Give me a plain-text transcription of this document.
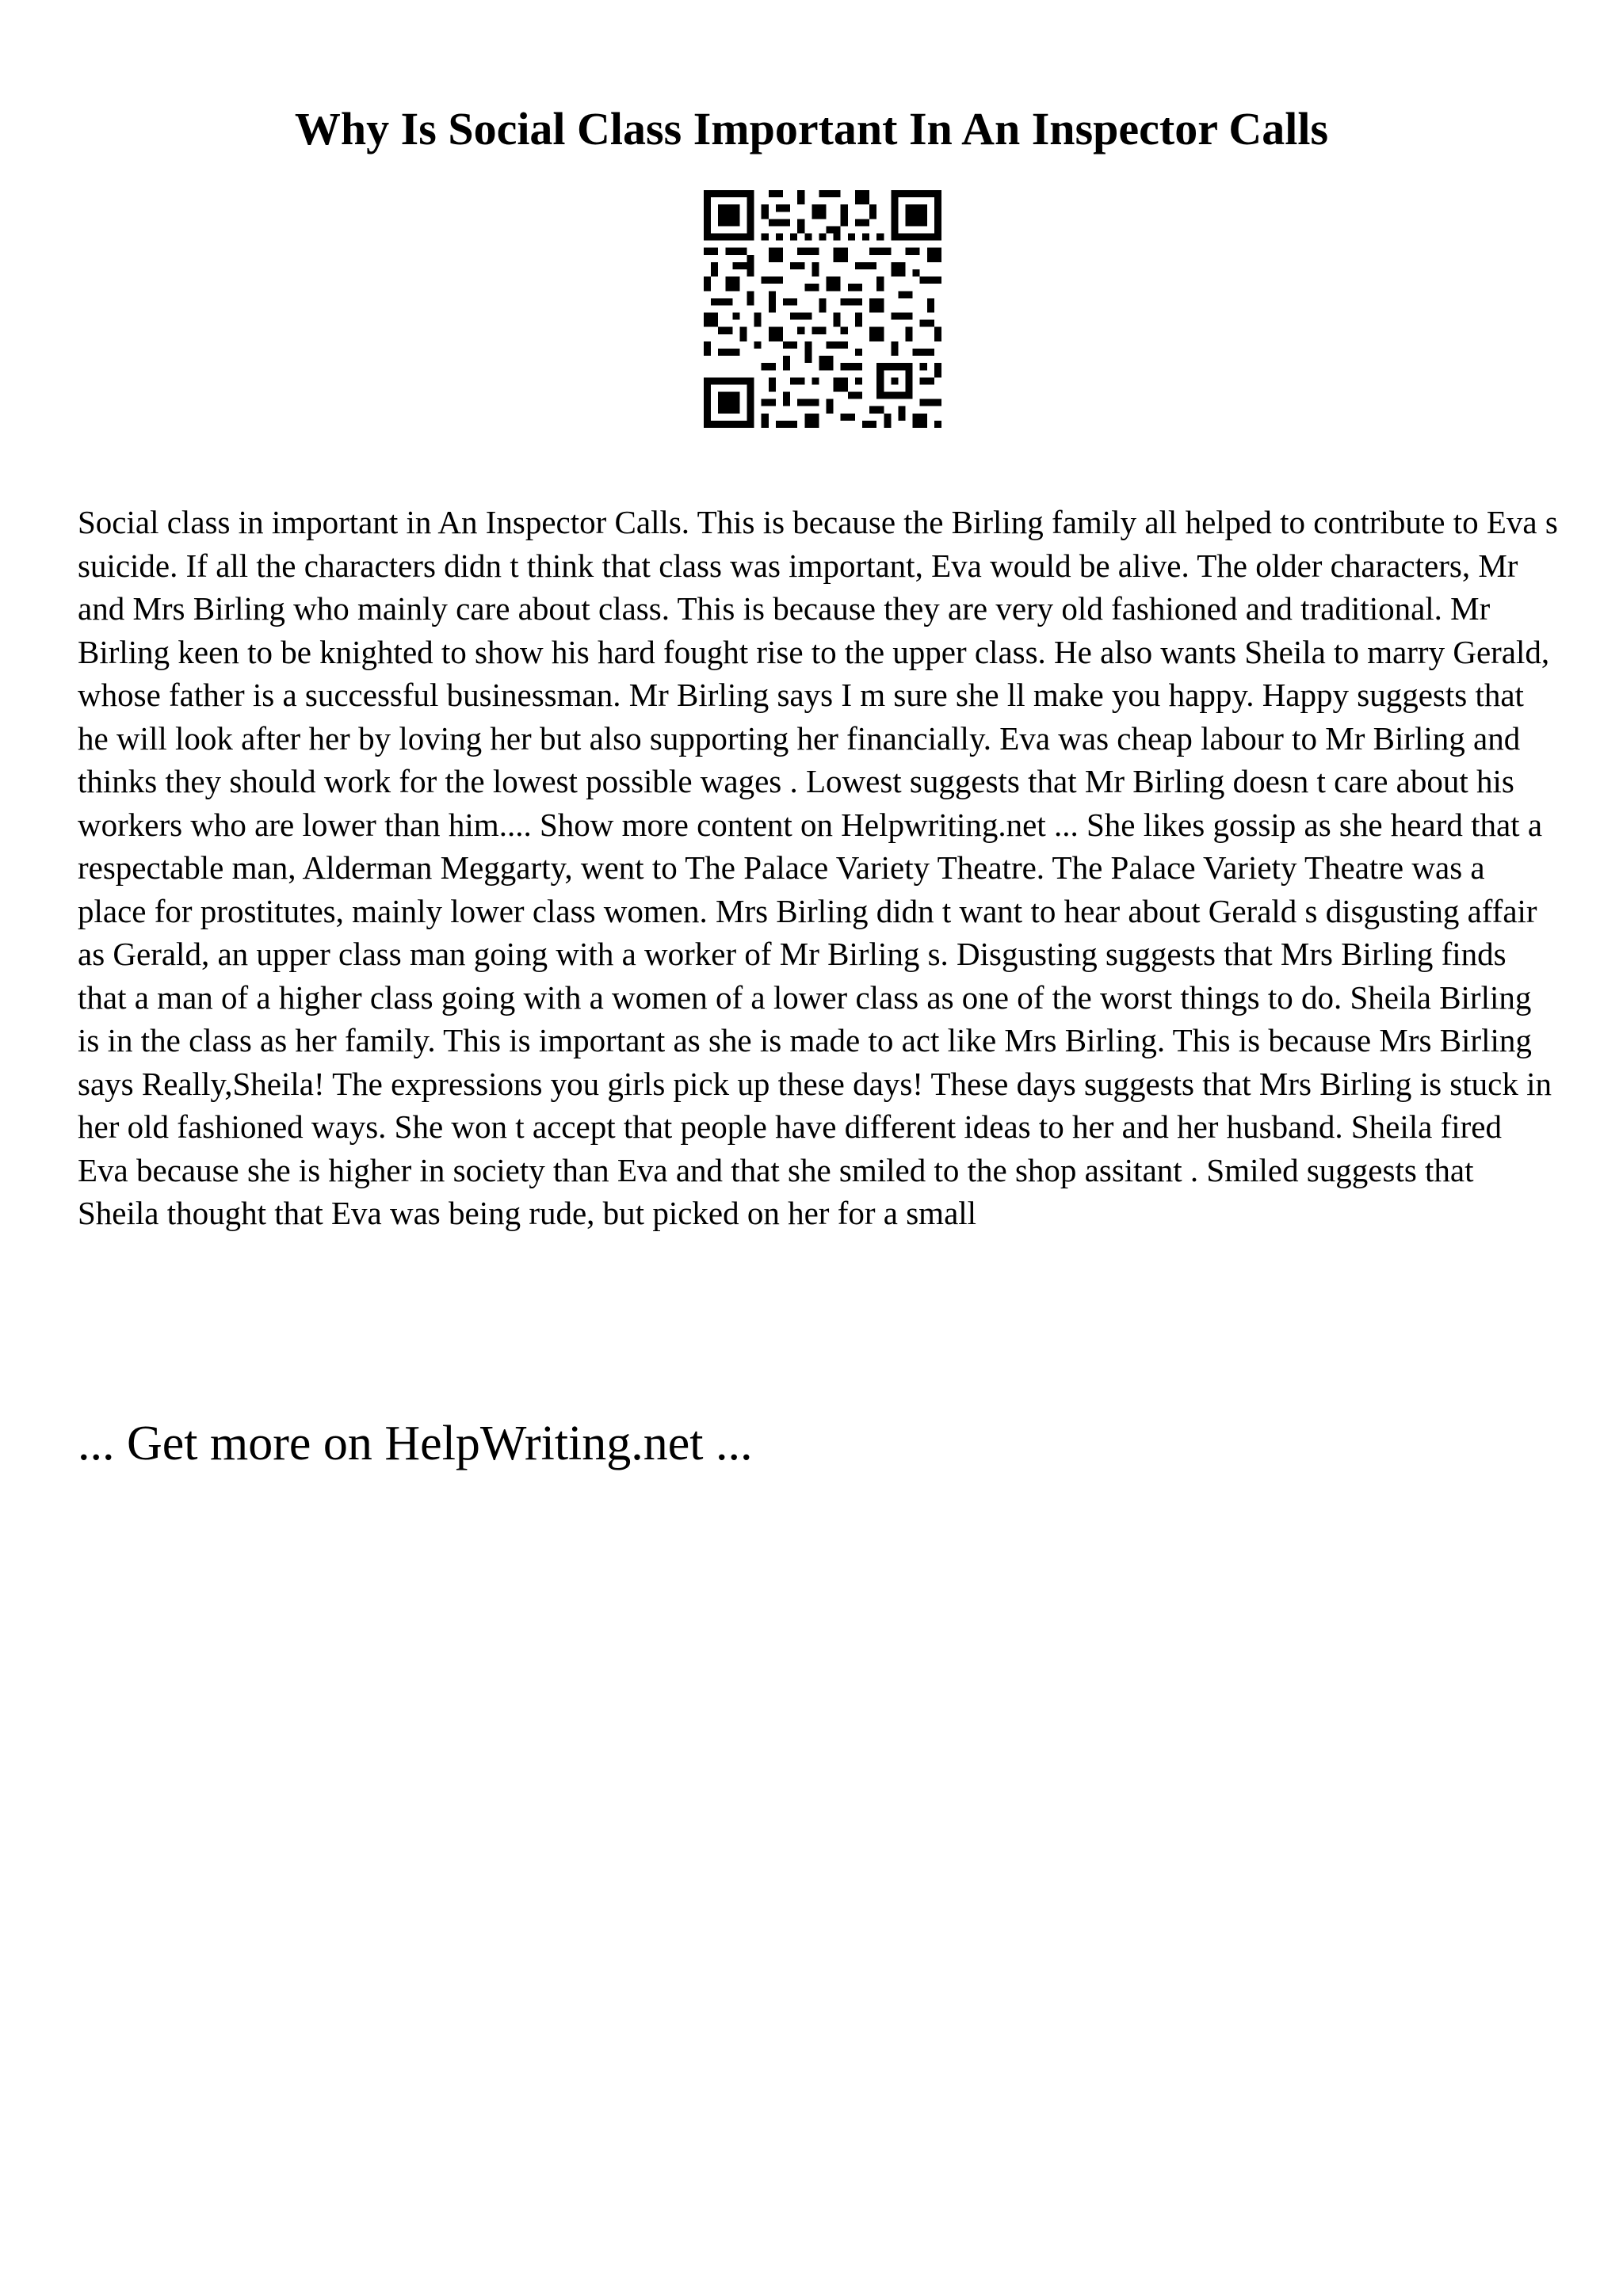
Why Is Social Class Important In An Inspector Calls

Social class in important in An Inspector Calls. This is because the Birling family all helped to contribute to Eva s suicide. If all the characters didn t think that class was important, Eva would be alive. The older characters, Mr and Mrs Birling who mainly care about class. This is because they are very old fashioned and traditional. Mr Birling keen to be knighted to show his hard fought rise to the upper class. He also wants Sheila to marry Gerald, whose father is a successful businessman. Mr Birling says I m sure she ll make you happy. Happy suggests that he will look after her by loving her but also supporting her financially. Eva was cheap labour to Mr Birling and thinks they should work for the lowest possible wages . Lowest suggests that Mr Birling doesn t care about his workers who are lower than him.... Show more content on Helpwriting.net ... She likes gossip as she heard that a respectable man, Alderman Meggarty, went to The Palace Variety Theatre. The Palace Variety Theatre was a place for prostitutes, mainly lower class women. Mrs Birling didn t want to hear about Gerald s disgusting affair as Gerald, an upper class man going with a worker of Mr Birling s. Disgusting suggests that Mrs Birling finds that a man of a higher class going with a women of a lower class as one of the worst things to do. Sheila Birling is in the class as her family. This is important as she is made to act like Mrs Birling. This is because Mrs Birling says Really,Sheila! The expressions you girls pick up these days! These days suggests that Mrs Birling is stuck in her old fashioned ways. She won t accept that people have different ideas to her and her husband. Sheila fired Eva because she is higher in society than Eva and that she smiled to the shop assitant . Smiled suggests that Sheila thought that Eva was being rude, but picked on her for a small

... Get more on HelpWriting.net ...
